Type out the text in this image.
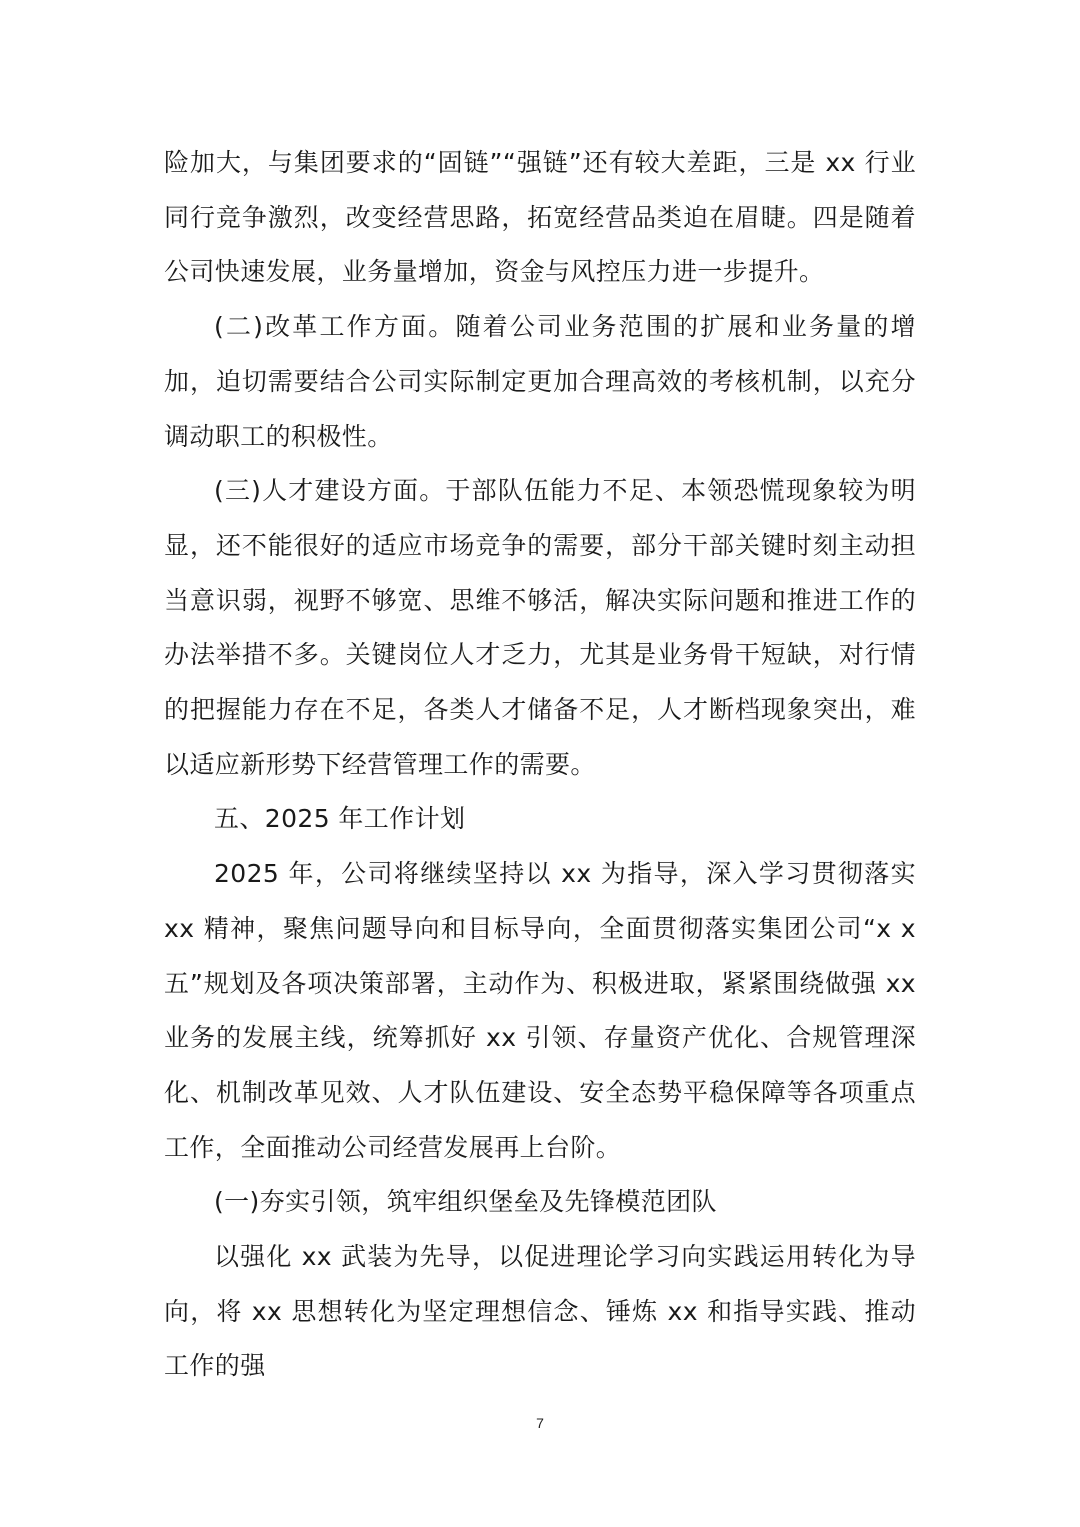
险加大，与集团要求的“固链”“强链”还有较大差距，三是 xx 行业同行竞争激烈，改变经营思路，拓宽经营品类迫在眉睫。四是随着公司快速发展，业务量增加，资金与风控压力进一步提升。

(二)改革工作方面。随着公司业务范围的扩展和业务量的增加，迫切需要结合公司实际制定更加合理高效的考核机制，以充分调动职工的积极性。

(三)人才建设方面。于部队伍能力不足、本领恐慌现象较为明显，还不能很好的适应市场竞争的需要，部分干部关键时刻主动担当意识弱，视野不够宽、思维不够活，解决实际问题和推进工作的办法举措不多。关键岗位人才乏力，尤其是业务骨干短缺，对行情的把握能力存在不足，各类人才储备不足，人才断档现象突出，难以适应新形势下经营管理工作的需要。

五、2025 年工作计划

2025 年，公司将继续坚持以 xx 为指导，深入学习贯彻落实 xx 精神，聚焦问题导向和目标导向，全面贯彻落实集团公司“x x 五”规划及各项决策部署，主动作为、积极进取，紧紧围绕做强 xx 业务的发展主线，统筹抓好 xx 引领、存量资产优化、合规管理深化、机制改革见效、人才队伍建设、安全态势平稳保障等各项重点工作，全面推动公司经营发展再上台阶。

(一)夯实引领，筑牢组织堡垒及先锋模范团队

以强化 xx 武装为先导，以促进理论学习向实践运用转化为导向，将 xx 思想转化为坚定理想信念、锤炼 xx 和指导实践、推动工作的强

7
